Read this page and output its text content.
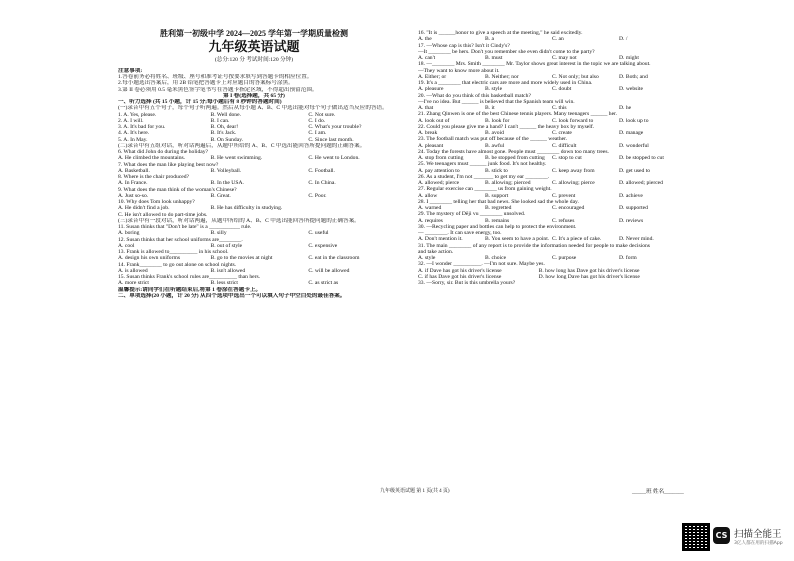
胜利第一初级中学 2024—2025 学年第一学期质量检测
九年级英语试题
(总分:120 分 考试时间:120 分钟)
注意事项:
1.答卷前务必将姓名、班级、座号和准考证号按要求填写到答题卡的相应位置。
2.每小题选出答案后，用 2B 铅笔把答题卡上对应题目的答案标号涂黑。
3.第 II 卷必须用 0.5 毫米黑色签字笔书写在答题卡指定区域，不得超出预留范围。
第 I 卷(选择题，共 65 分)
一、听力选择 (共 15 小题，计 15 分;每小题后有 8 秒钟的答题时间)
(一)录音中有五个句子，每个句子听两遍。然后从每小题 A、B、C 中选出能对每个句子做出适当反应的答语。
1. A. Yes, please.	B. Well done.	C. Not sure.
2. A. I will.	B. I can.	C. I do.
3. A. It's bad for you.	B. Oh, dear!	C. What's your trouble?
4. A. It's here.	B. It's Jack.	C. I am.
5. A. In May.	B. On Sunday.	C. Since last month.
(二)录音中有五组对话，听对话两遍后，从题中所给的 A、B、C 中选出能回答所提问题的正确答案。
6. What did John do during the holiday?
A. He climbed the mountains.	B. He went swimming.	C. He went to London.
7. What does the man like playing best now?
A. Basketball.	B. Volleyball.	C. Football.
8. Where is the chair produced?
A. In France.	B. In the USA.	C. In China.
9. What does the man think of the woman's Chinese?
A. Just so-so.	B. Great.	C. Poor.
10. Why does Tom look unhappy?
A. He didn't find a job.	B. He has difficulty in studying.
C. He isn't allowed to do part-time jobs.
(三)录音中有一段对话，听对话两遍，从题中所给的 A、B、C 中选出能回答所提问题的正确答案。
11. Susan thinks that "Don't be late" is a ___________ rule.
A. boring	B. silly	C. useful
12. Susan thinks that her school uniforms are________.
A. cool	B. out of style	C. expensive
13. Frank is allowed to__________ in his school.
A. design his own uniforms	B. go to the movies at night	C. eat in the classroom
14. Frank________ to go out alone on school nights.
A. is allowed	B. isn't allowed	C. will be allowed
15. Susan thinks Frank's school rules are__________ than hers.
A. more strict	B. less strict	C. as strict as
温馨提示:请同学们在听题结束后,将第 1 卷涂在答题卡上。
二、单项选择(20 小题，计 20 分) 从四个选项中选出一个可以填入句子中空白处的最佳答案。
16. "It is ______honor to give a speech at the meeting," he said excitedly.
A. the	B. a	C. an	D. /
17. —Whose cap is this? Isn't it Cindy's?
—It ________ be hers. Don't you remember she even didn't come to the party?
A. can't	B. must	C. may not	D. might
18. —________ Mrs. Smith ________ Mr. Taylor shows great interest in the topic we are talking about.
—They want to know more about it.
A. Either; or	B. Neither; nor	C. Not only; but also	D. Both; and
19. It's a ________ that electric cars are more and more widely used in China.
A. pleasure	B. style	C. doubt	D. website
20. —What do you think of this basketball match?
—I've no idea. But ______ is believed that the Spanish team will win.
A. that	B. it	C. this	D. he
21. Zhang Qinwen is one of the best Chinese tennis players. Many teenagers ______ her.
A. look out of	B. look for	C. look forward to	D. look up to
22. Could you please give me a hand? I can't ______ the heavy box by myself.
A. break	B. avoid	C. create	D. manage
23. The football match was put off because of the ______ weather.
A. pleasant	B. awful	C. difficult	D. wonderful
24. Today the forests have almost gone. People must ________ down too many trees.
A. stop from cutting	B. be stopped from cutting	C. stop to cut	D. be stopped to cut
25. We teenagers must ______ junk food. It's not healthy.
A. pay attention to	B. stick to	C. keep away from	D. get used to
26. As a student, I'm not _______ to get my ear ________.
A. allowed; pierce	B. allowing; pierced	C. allowing; pierce	D. allowed; pierced
27. Regular exercise can ________ us from gaining weight.
A. allow	B. support	C. prevent	D. achieve
28. I ________ telling her that bad news. She looked sad the whole day.
A. warned	B. regretted	C. encouraged	D. supported
29. The mystery of Dēji vu ________ unsolved.
A. requires	B. remains	C. refuses	D. reviews
30. —Recycling paper and bottles can help to protect the environment.
— ________. It can save energy, too.
A. Don't mention it.	B. You seem to have a point. C. It's a piece of cake.	D. Never mind.
31. The main ________ of any report is to provide the information needed for people to make decisions
and take action.
A. style	B. choice	C. purpose	D. form
32. —I wonder __________. —I'm not sure. Maybe yes.
A. if Dave has got his driver's license	B. how long has Dave got his driver's license
C. if has Dave got his driver's license	D. how long Dave has got his driver's license
33. —Sorry, sir. But is this umbrella yours?
九年级英语试题 第 1 页(共 4 页)	_____班 姓名_______
CS 扫描全能王
3亿人都在用的扫描App
